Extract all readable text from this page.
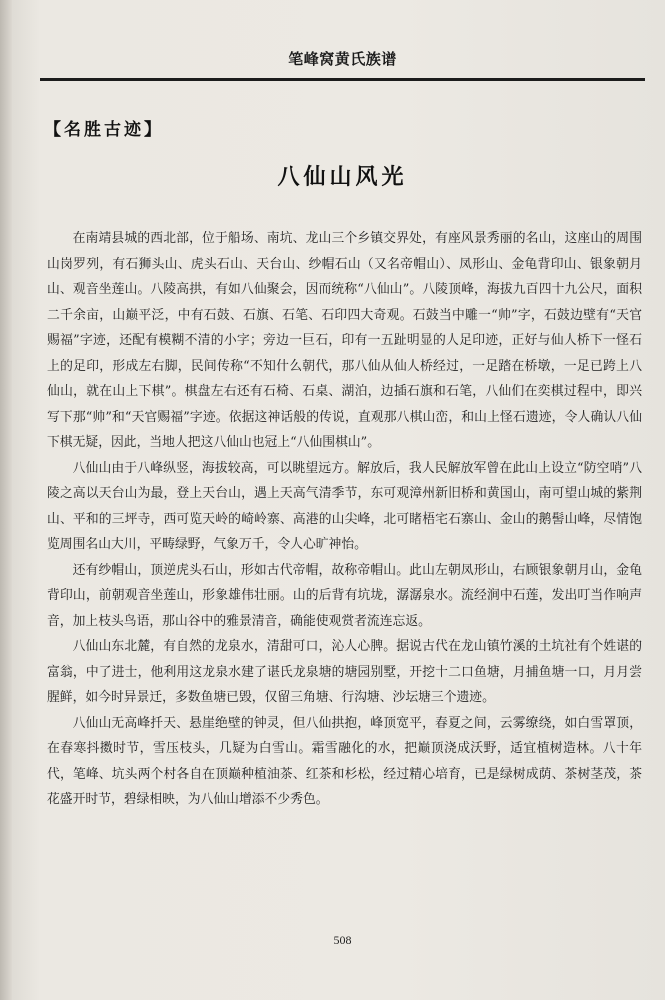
笔峰窝黄氏族谱
【名胜古迹】
八仙山风光

在南靖县城的西北部，位于船场、南坑、龙山三个乡镇交界处，有座风景秀丽的名山，这座山的周围山岗罗列，有石狮头山、虎头石山、天台山、纱帽石山（又名帝帽山）、凤形山、金龟背印山、银象朝月山、观音坐莲山。八陵高拱，有如八仙聚会，因而统称“八仙山”。八陵顶峰，海拔九百四十九公尺，面积二千余亩，山巅平泛，中有石鼓、石旗、石笔、石印四大奇观。石鼓当中雕一“帅”字，石鼓边壁有“天官赐福”字迹，还配有模糊不清的小字；旁边一巨石，印有一五趾明显的人足印迹，正好与仙人桥下一怪石上的足印，形成左右脚，民间传称“不知什么朝代，那八仙从仙人桥经过，一足踏在桥墩，一足已跨上八仙山，就在山上下棋”。棋盘左右还有石椅、石桌、湖泊，边插石旗和石笔，八仙们在奕棋过程中，即兴写下那“帅”和“天官赐福”字迹。依据这神话般的传说，直观那八棋山峦，和山上怪石遗迹，令人确认八仙下棋无疑，因此，当地人把这八仙山也冠上“八仙围棋山”。

八仙山由于八峰纵竖，海拔较高，可以眺望远方。解放后，我人民解放军曾在此山上设立“防空哨”八陵之高以天台山为最，登上天台山，遇上天高气清季节，东可观漳州新旧桥和黄国山，南可望山城的紫荆山、平和的三坪寺，西可览天岭的崎岭寨、高港的山尖峰，北可睹梧宅石寨山、金山的鹅髻山峰，尽情饱览周围名山大川，平畴绿野，气象万千，令人心旷神怡。

还有纱帽山，顶逆虎头石山，形如古代帝帽，故称帝帽山。此山左朝凤形山，右顾银象朝月山，金龟背印山，前朝观音坐莲山，形象雄伟壮丽。山的后背有坑垅，潺潺泉水。流经涧中石莲，发出叮当作响声音，加上枝头鸟语，那山谷中的雅景清音，确能使观赏者流连忘返。

八仙山东北麓，有自然的龙泉水，清甜可口，沁人心脾。据说古代在龙山镇竹溪的土坑社有个姓谌的富翁，中了进士，他利用这龙泉水建了谌氏龙泉塘的塘园别墅，开挖十二口鱼塘，月捕鱼塘一口，月月尝腥鲜，如今时异景迁，多数鱼塘已毁，仅留三角塘、行沟塘、沙坛塘三个遗迹。

八仙山无高峰扦天、悬崖绝壁的钟灵，但八仙拱抱，峰顶宽平，春夏之间，云雾缭绕，如白雪罩顶，在春寒抖擞时节，雪压枝头，几疑为白雪山。霜雪融化的水，把巅顶浇成沃野，适宜植树造林。八十年代，笔峰、坑头两个村各自在顶巅种植油茶、红茶和杉松，经过精心培育，已是绿树成荫、茶树茎茂，茶花盛开时节，碧绿相映，为八仙山增添不少秀色。

508
